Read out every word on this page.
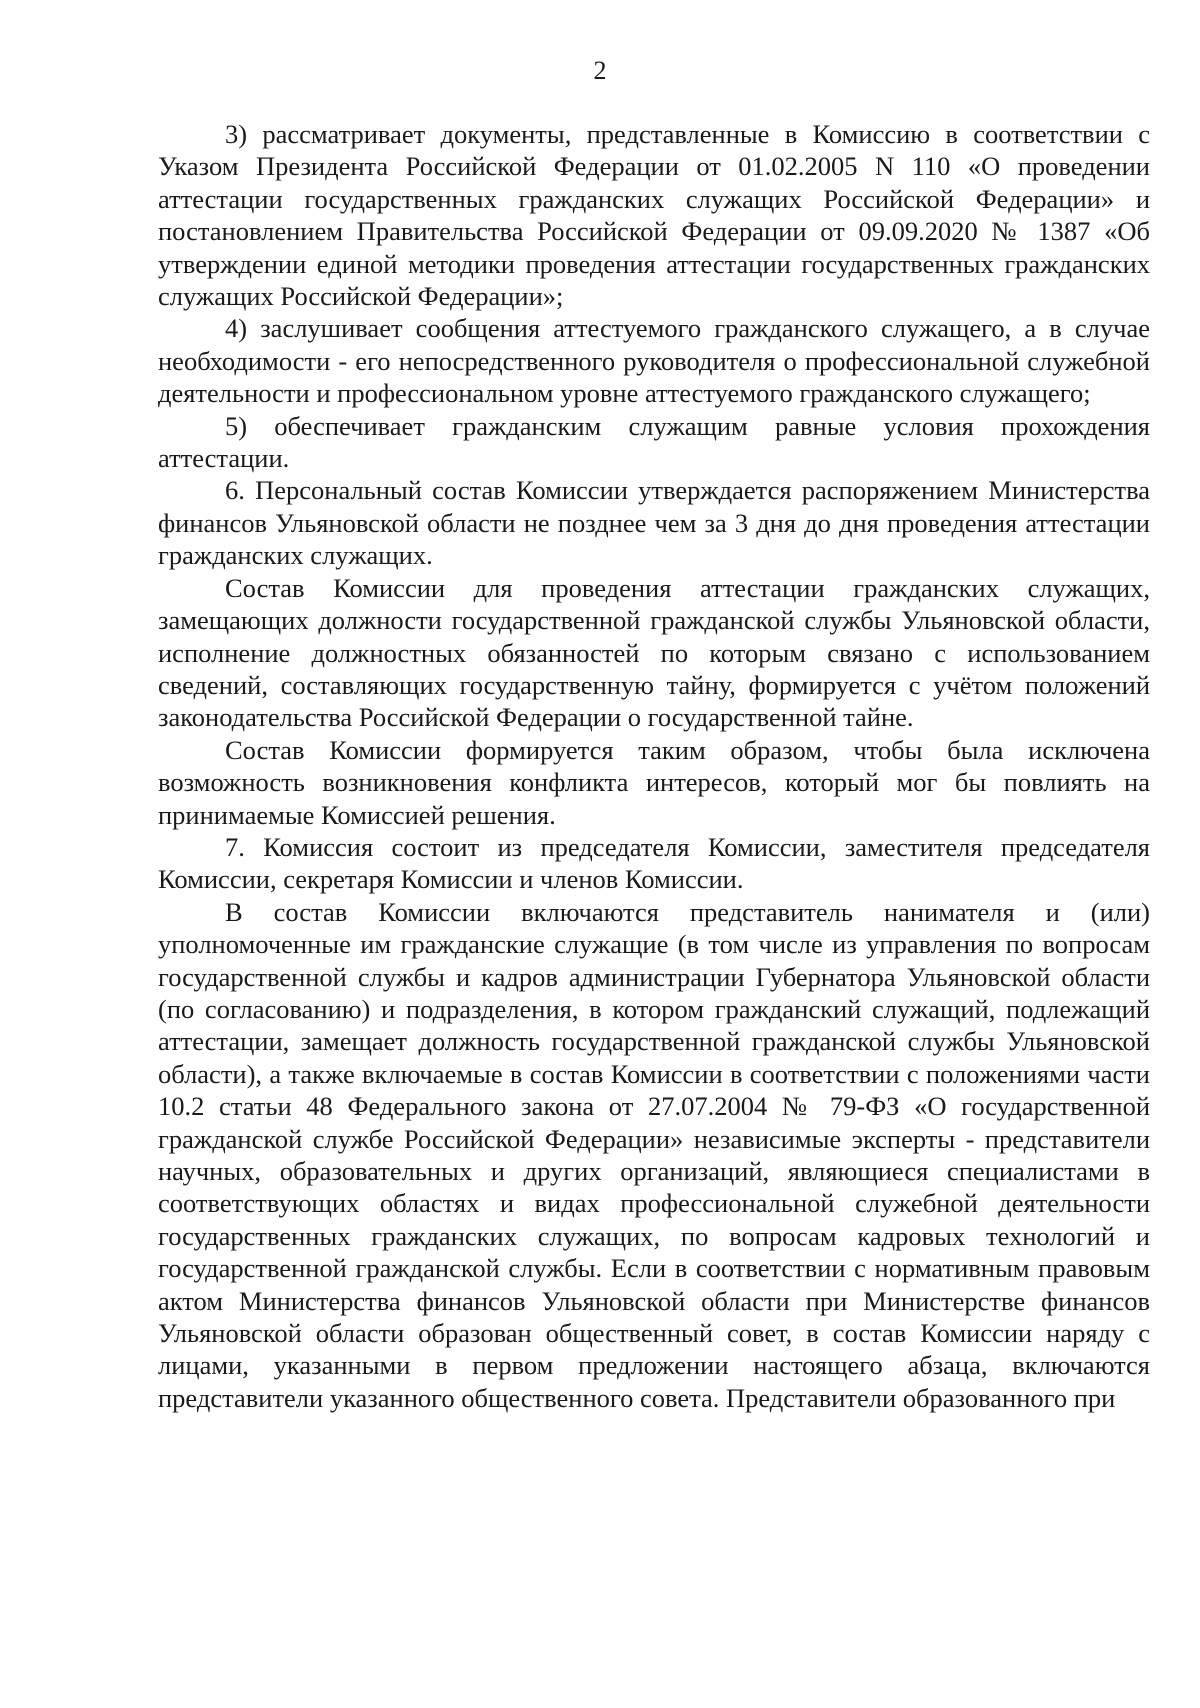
2

3) рассматривает документы, представленные в Комиссию в соответствии с Указом Президента Российской Федерации от 01.02.2005 N 110 «О проведении аттестации государственных гражданских служащих Российской Федерации» и постановлением Правительства Российской Федерации от 09.09.2020 № 1387 «Об утверждении единой методики проведения аттестации государственных гражданских служащих Российской Федерации»;

4) заслушивает сообщения аттестуемого гражданского служащего, а в случае необходимости - его непосредственного руководителя о профессиональной служебной деятельности и профессиональном уровне аттестуемого гражданского служащего;

5) обеспечивает гражданским служащим равные условия прохождения аттестации.

6. Персональный состав Комиссии утверждается распоряжением Министерства финансов Ульяновской области не позднее чем за 3 дня до дня проведения аттестации гражданских служащих.

Состав Комиссии для проведения аттестации гражданских служащих, замещающих должности государственной гражданской службы Ульяновской области, исполнение должностных обязанностей по которым связано с использованием сведений, составляющих государственную тайну, формируется с учётом положений законодательства Российской Федерации о государственной тайне.

Состав Комиссии формируется таким образом, чтобы была исключена возможность возникновения конфликта интересов, который мог бы повлиять на принимаемые Комиссией решения.

7. Комиссия состоит из председателя Комиссии, заместителя председателя Комиссии, секретаря Комиссии и членов Комиссии.

В состав Комиссии включаются представитель нанимателя и (или) уполномоченные им гражданские служащие (в том числе из управления по вопросам государственной службы и кадров администрации Губернатора Ульяновской области (по согласованию) и подразделения, в котором гражданский служащий, подлежащий аттестации, замещает должность государственной гражданской службы Ульяновской области), а также включаемые в состав Комиссии в соответствии с положениями части 10.2 статьи 48 Федерального закона от 27.07.2004 № 79-ФЗ «О государственной гражданской службе Российской Федерации» независимые эксперты - представители научных, образовательных и других организаций, являющиеся специалистами в соответствующих областях и видах профессиональной служебной деятельности государственных гражданских служащих, по вопросам кадровых технологий и государственной гражданской службы. Если в соответствии с нормативным правовым актом Министерства финансов Ульяновской области при Министерстве финансов Ульяновской области образован общественный совет, в состав Комиссии наряду с лицами, указанными в первом предложении настоящего абзаца, включаются представители указанного общественного совета. Представители образованного при
